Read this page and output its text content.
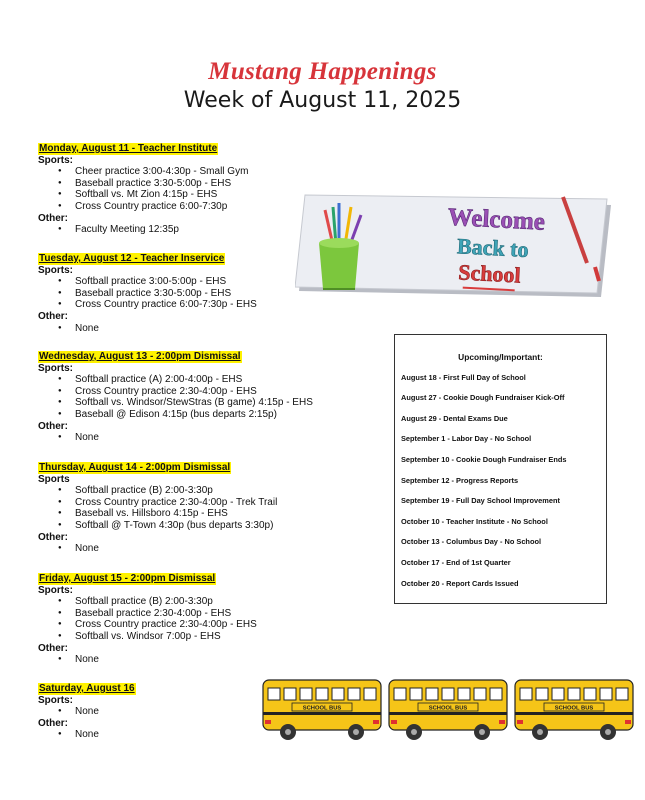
Mustang Happenings
Week of August 11, 2025
Monday, August 11 - Teacher Institute
Sports:
● Cheer practice 3:00-4:30p - Small Gym
● Baseball practice 3:30-5:00p - EHS
● Softball vs. Mt Zion 4:15p - EHS
● Cross Country practice 6:00-7:30p
Other:
● Faculty Meeting 12:35p
Tuesday, August 12 - Teacher Inservice
Sports:
● Softball practice 3:00-5:00p - EHS
● Baseball practice 3:30-5:00p - EHS
● Cross Country practice 6:00-7:30p - EHS
Other:
● None
Wednesday, August 13 - 2:00pm Dismissal
Sports:
● Softball practice (A) 2:00-4:00p - EHS
● Cross Country practice 2:30-4:00p - EHS
● Softball vs. Windsor/StewStras (B game) 4:15p - EHS
● Baseball @ Edison 4:15p (bus departs 2:15p)
Other:
● None
Thursday, August 14 - 2:00pm Dismissal
Sports
● Softball practice (B) 2:00-3:30p
● Cross Country practice 2:30-4:00p - Trek Trail
● Baseball vs. Hillsboro 4:15p - EHS
● Softball @ T-Town 4:30p (bus departs 3:30p)
Other:
● None
Friday, August 15 - 2:00pm Dismissal
Sports:
● Softball practice (B) 2:00-3:30p
● Baseball practice 2:30-4:00p - EHS
● Cross Country practice 2:30-4:00p - EHS
● Softball vs. Windsor 7:00p - EHS
Other:
● None
Saturday, August 16
Sports:
● None
Other:
● None
Welcome
Back to
School
Upcoming/Important:
August 18 - First Full Day of School
August 27 - Cookie Dough Fundraiser Kick-Off
August 29 - Dental Exams Due
September 1 - Labor Day - No School
September 10 - Cookie Dough Fundraiser Ends
September 12 - Progress Reports
September 19 - Full Day School Improvement
October 10 - Teacher Institute - No School
October 13 - Columbus Day - No School
October 17 - End of 1st Quarter
October 20 - Report Cards Issued
SCHOOL BUS	SCHOOL BUS	SCHOOL BUS
